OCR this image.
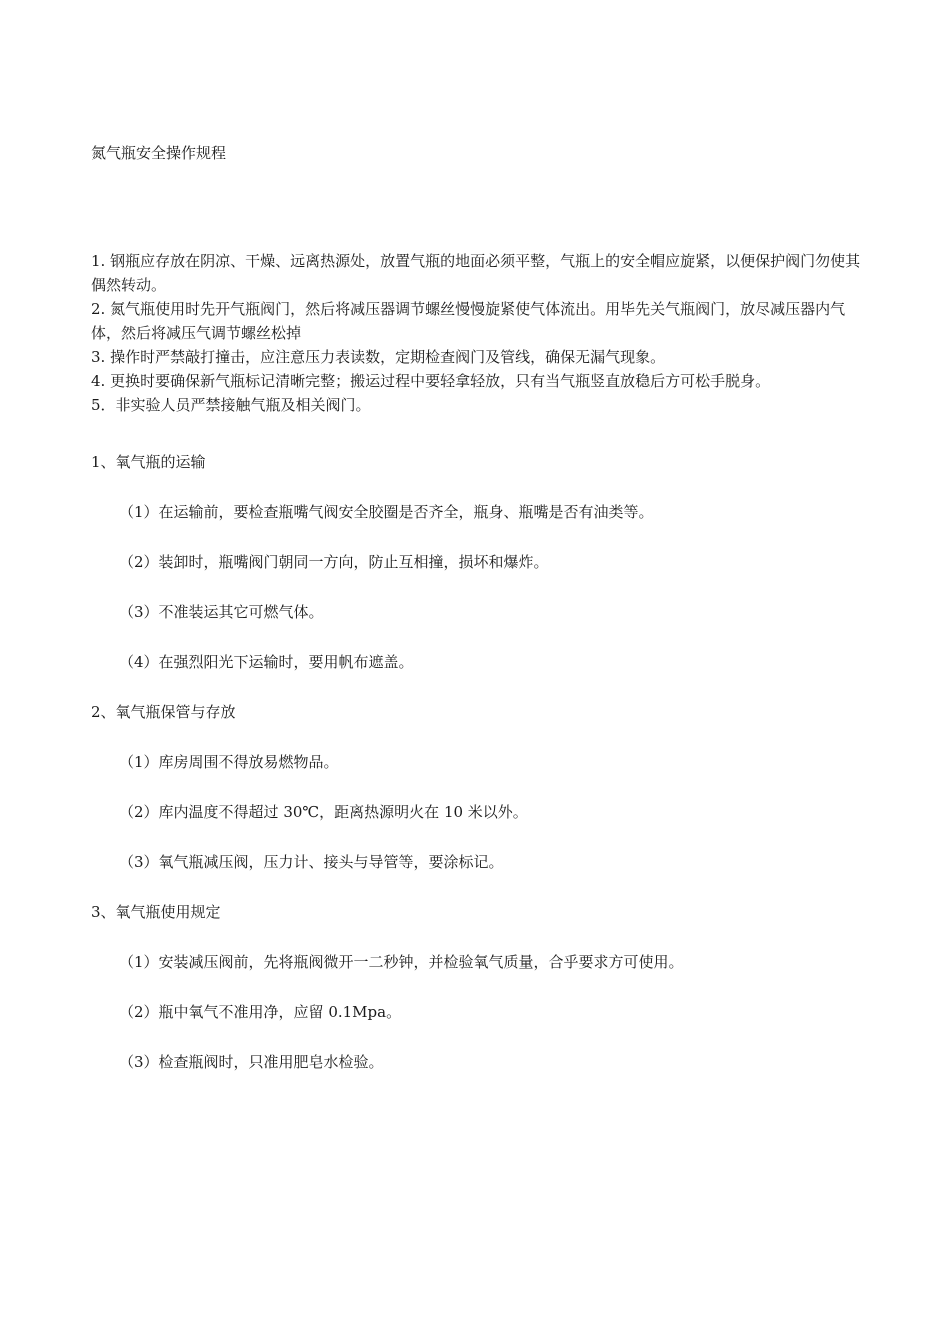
氮气瓶安全操作规程

1. 钢瓶应存放在阴凉、干燥、远离热源处，放置气瓶的地面必须平整，气瓶上的安全帽应旋紧，以便保护阀门勿使其偶然转动。

2. 氮气瓶使用时先开气瓶阀门，然后将减压器调节螺丝慢慢旋紧使气体流出。用毕先关气瓶阀门，放尽减压器内气体，然后将减压气调节螺丝松掉

3. 操作时严禁敲打撞击，应注意压力表读数，定期检查阀门及管线，确保无漏气现象。

4. 更换时要确保新气瓶标记清晰完整；搬运过程中要轻拿轻放，只有当气瓶竖直放稳后方可松手脱身。

5．非实验人员严禁接触气瓶及相关阀门。

1、氧气瓶的运输

（1）在运输前，要检查瓶嘴气阀安全胶圈是否齐全，瓶身、瓶嘴是否有油类等。

（2）装卸时，瓶嘴阀门朝同一方向，防止互相撞，损坏和爆炸。

（3）不准装运其它可燃气体。

（4）在强烈阳光下运输时，要用帆布遮盖。

2、氧气瓶保管与存放

（1）库房周围不得放易燃物品。

（2）库内温度不得超过 30℃，距离热源明火在 10 米以外。

（3）氧气瓶减压阀，压力计、接头与导管等，要涂标记。

3、氧气瓶使用规定

（1）安装减压阀前，先将瓶阀微开一二秒钟，并检验氧气质量，合乎要求方可使用。

（2）瓶中氧气不准用净，应留 0.1Mpa。

（3）检查瓶阀时，只准用肥皂水检验。
